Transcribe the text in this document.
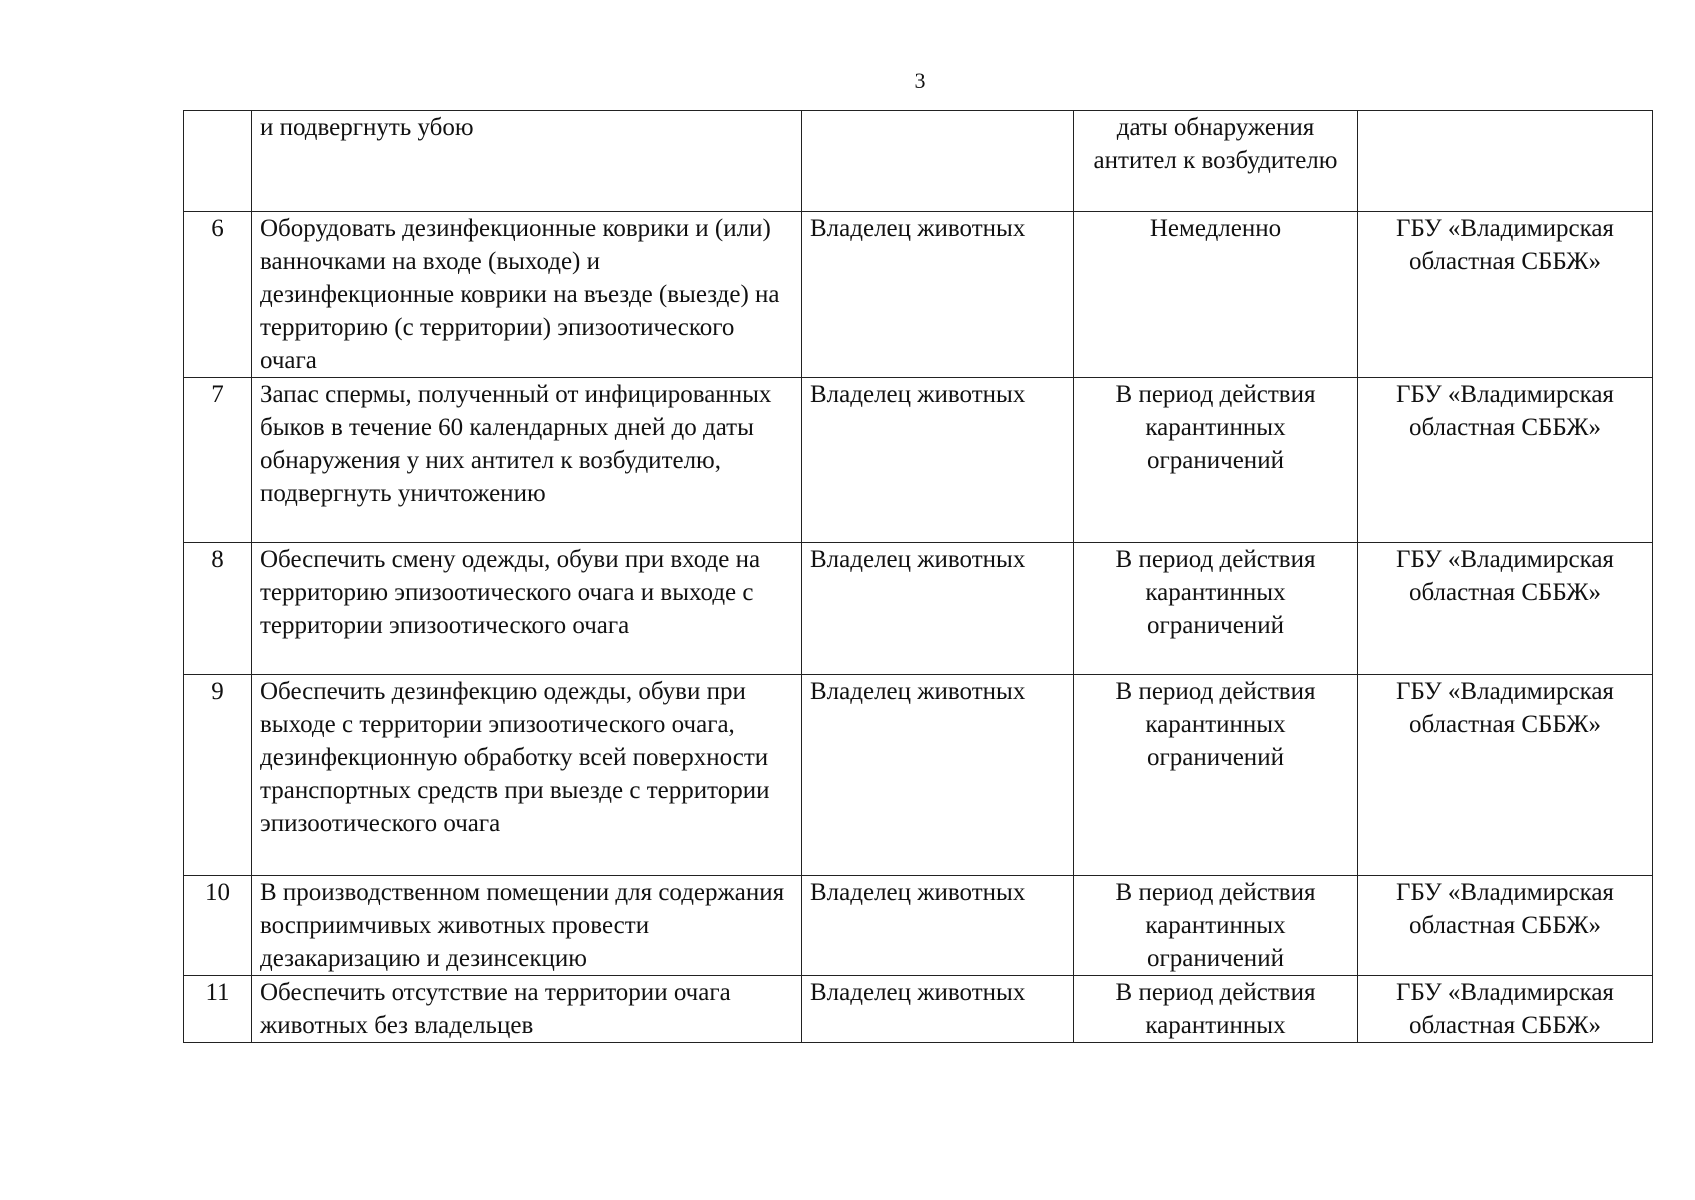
3
	и подвергнуть убою		даты обнаружения антител к возбудителю	
6	Оборудовать дезинфекционные коврики и (или) ванночками на входе (выходе) и дезинфекционные коврики на въезде (выезде) на территорию (с территории) эпизоотического очага	Владелец животных	Немедленно	ГБУ «Владимирская областная СББЖ»
7	Запас спермы, полученный от инфицированных быков в течение 60 календарных дней до даты обнаружения у них антител к возбудителю, подвергнуть уничтожению	Владелец животных	В период действия карантинных ограничений	ГБУ «Владимирская областная СББЖ»
8	Обеспечить смену одежды, обуви при входе на территорию эпизоотического очага и выходе с территории эпизоотического очага	Владелец животных	В период действия карантинных ограничений	ГБУ «Владимирская областная СББЖ»
9	Обеспечить дезинфекцию одежды, обуви при выходе с территории эпизоотического очага, дезинфекционную обработку всей поверхности транспортных средств при выезде с территории эпизоотического очага	Владелец животных	В период действия карантинных ограничений	ГБУ «Владимирская областная СББЖ»
10	В производственном помещении для содержания восприимчивых животных провести дезакаризацию и дезинсекцию	Владелец животных	В период действия карантинных ограничений	ГБУ «Владимирская областная СББЖ»
11	Обеспечить отсутствие на территории очага животных без владельцев	Владелец животных	В период действия карантинных	ГБУ «Владимирская областная СББЖ»
